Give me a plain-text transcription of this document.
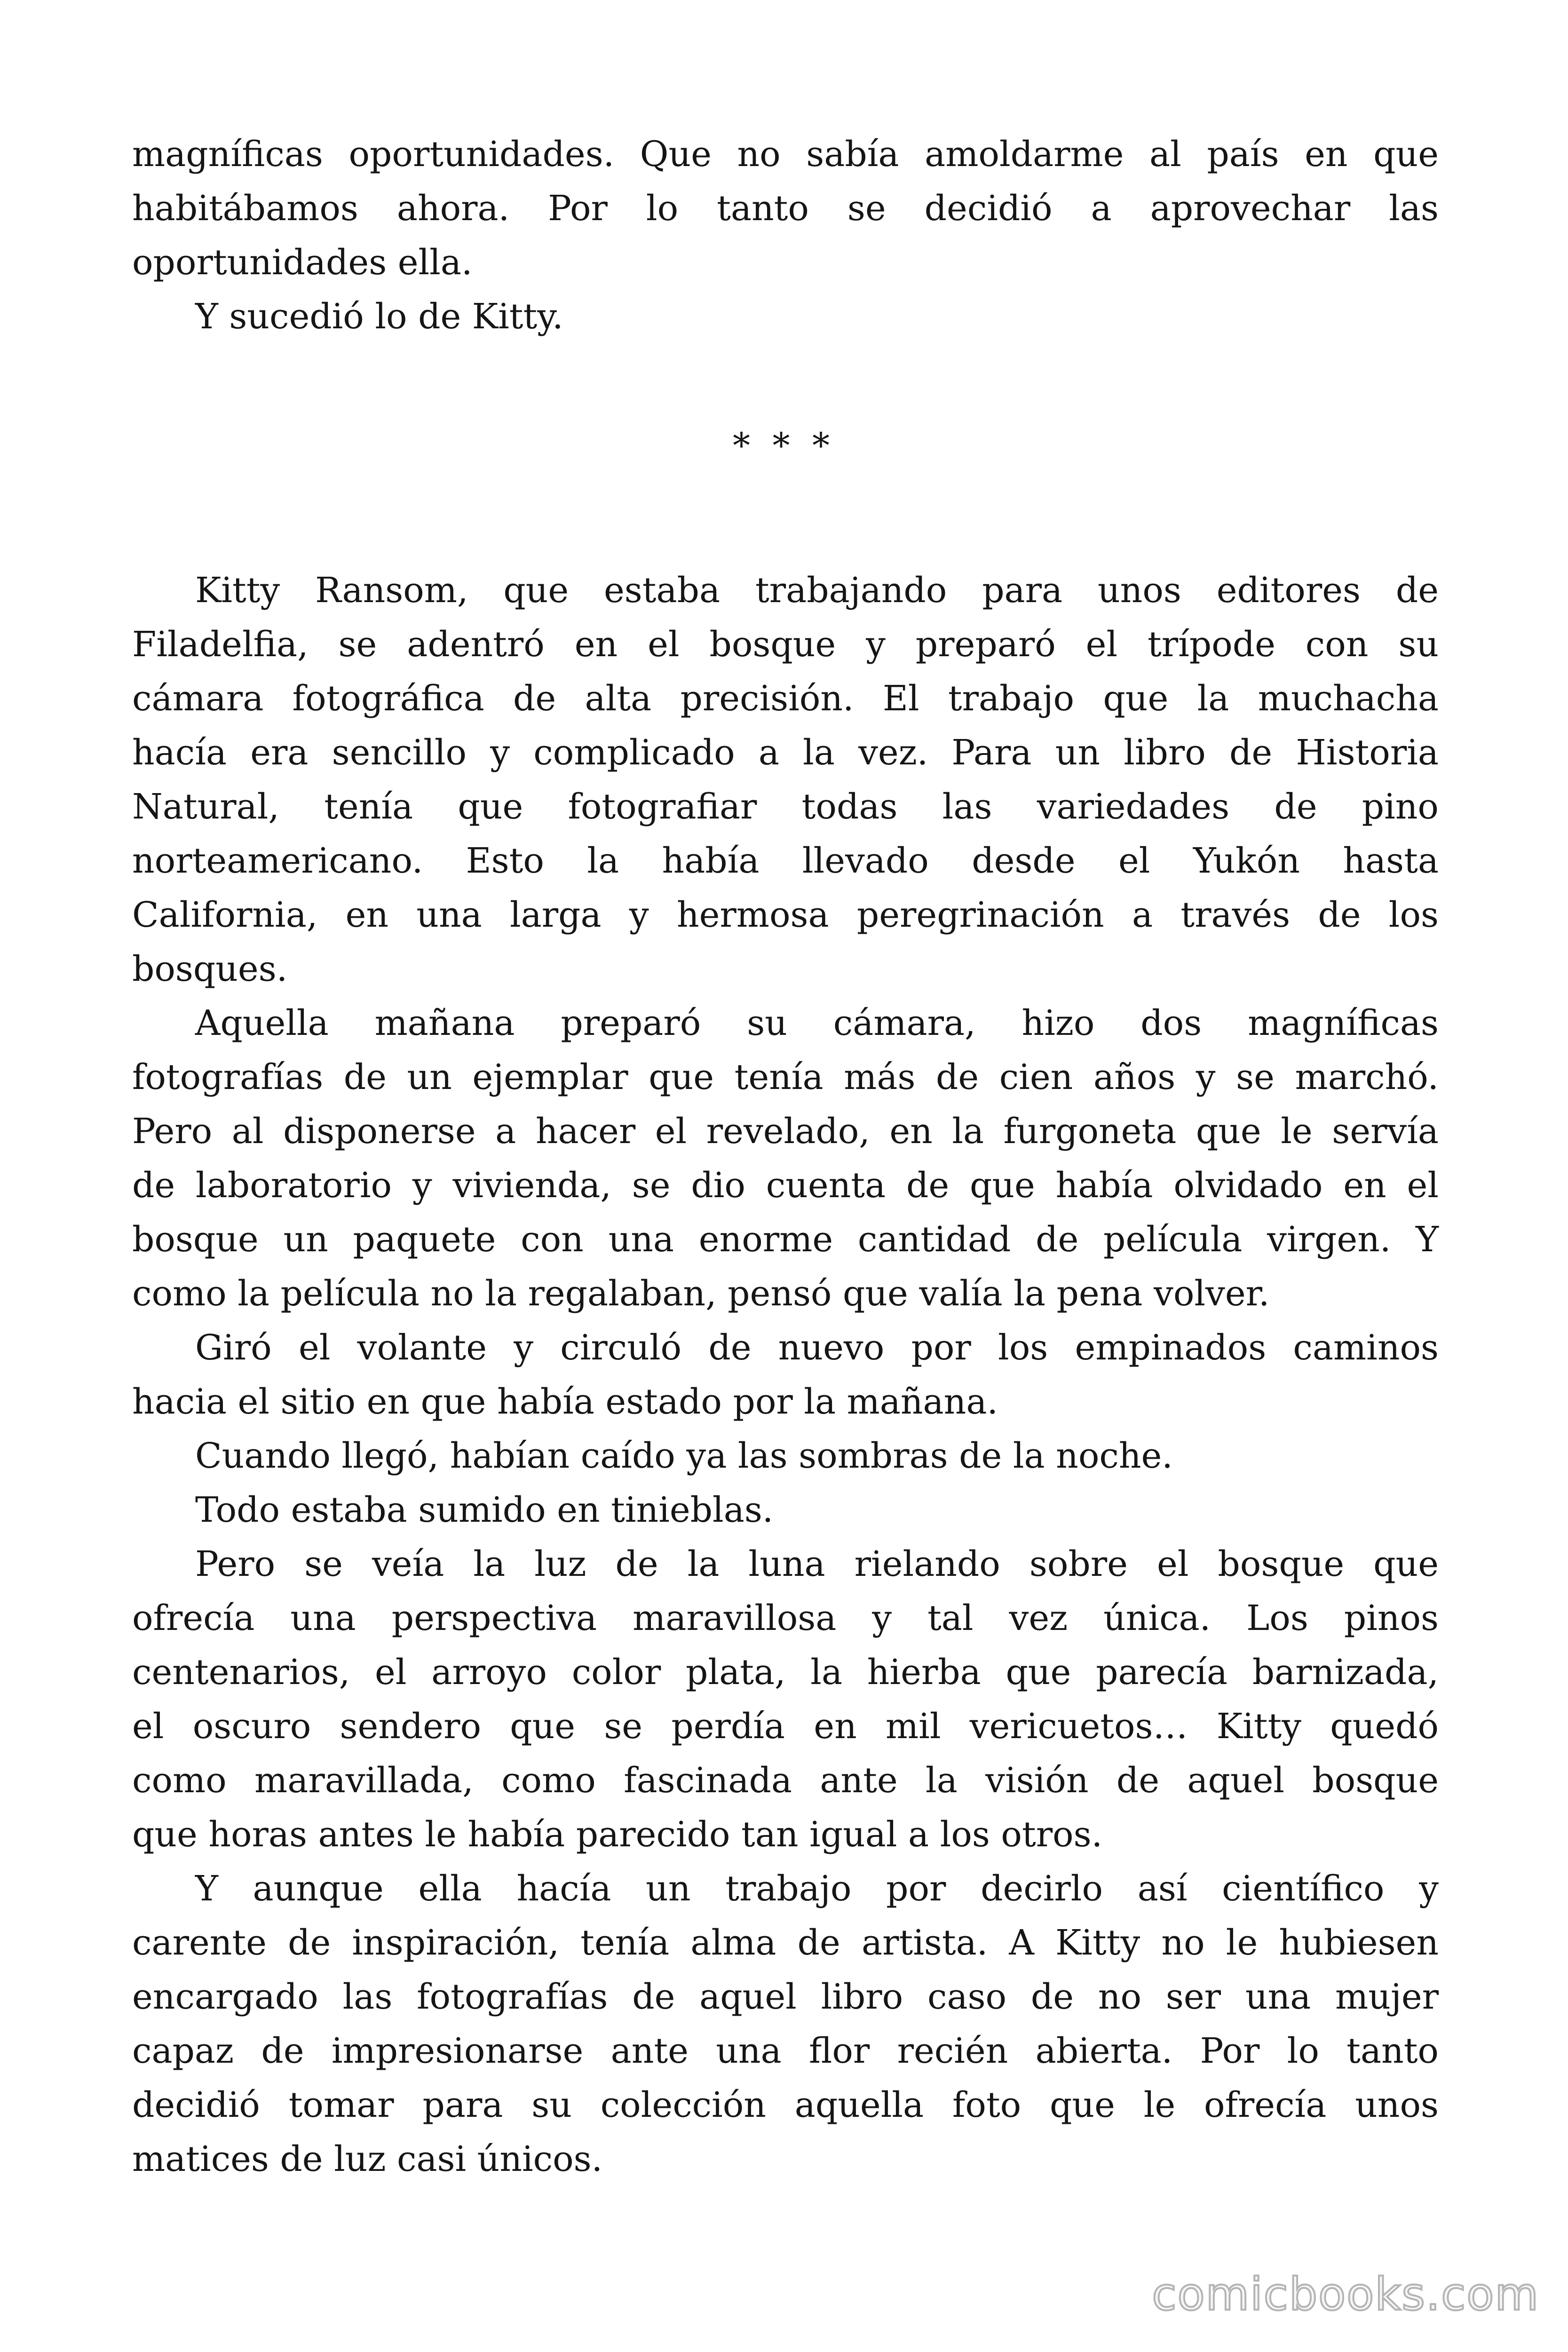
magníficas oportunidades. Que no sabía amoldarme al país en que
habitábamos ahora. Por lo tanto se decidió a aprovechar las
oportunidades ella.
Y sucedió lo de Kitty.
* * *
Kitty Ransom, que estaba trabajando para unos editores de
Filadelfia, se adentró en el bosque y preparó el trípode con su
cámara fotográfica de alta precisión. El trabajo que la muchacha
hacía era sencillo y complicado a la vez. Para un libro de Historia
Natural, tenía que fotografiar todas las variedades de pino
norteamericano. Esto la había llevado desde el Yukón hasta
California, en una larga y hermosa peregrinación a través de los
bosques.
Aquella mañana preparó su cámara, hizo dos magníficas
fotografías de un ejemplar que tenía más de cien años y se marchó.
Pero al disponerse a hacer el revelado, en la furgoneta que le servía
de laboratorio y vivienda, se dio cuenta de que había olvidado en el
bosque un paquete con una enorme cantidad de película virgen. Y
como la película no la regalaban, pensó que valía la pena volver.
Giró el volante y circuló de nuevo por los empinados caminos
hacia el sitio en que había estado por la mañana.
Cuando llegó, habían caído ya las sombras de la noche.
Todo estaba sumido en tinieblas.
Pero se veía la luz de la luna rielando sobre el bosque que
ofrecía una perspectiva maravillosa y tal vez única. Los pinos
centenarios, el arroyo color plata, la hierba que parecía barnizada,
el oscuro sendero que se perdía en mil vericuetos… Kitty quedó
como maravillada, como fascinada ante la visión de aquel bosque
que horas antes le había parecido tan igual a los otros.
Y aunque ella hacía un trabajo por decirlo así científico y
carente de inspiración, tenía alma de artista. A Kitty no le hubiesen
encargado las fotografías de aquel libro caso de no ser una mujer
capaz de impresionarse ante una flor recién abierta. Por lo tanto
decidió tomar para su colección aquella foto que le ofrecía unos
matices de luz casi únicos.
comicbooks.com
